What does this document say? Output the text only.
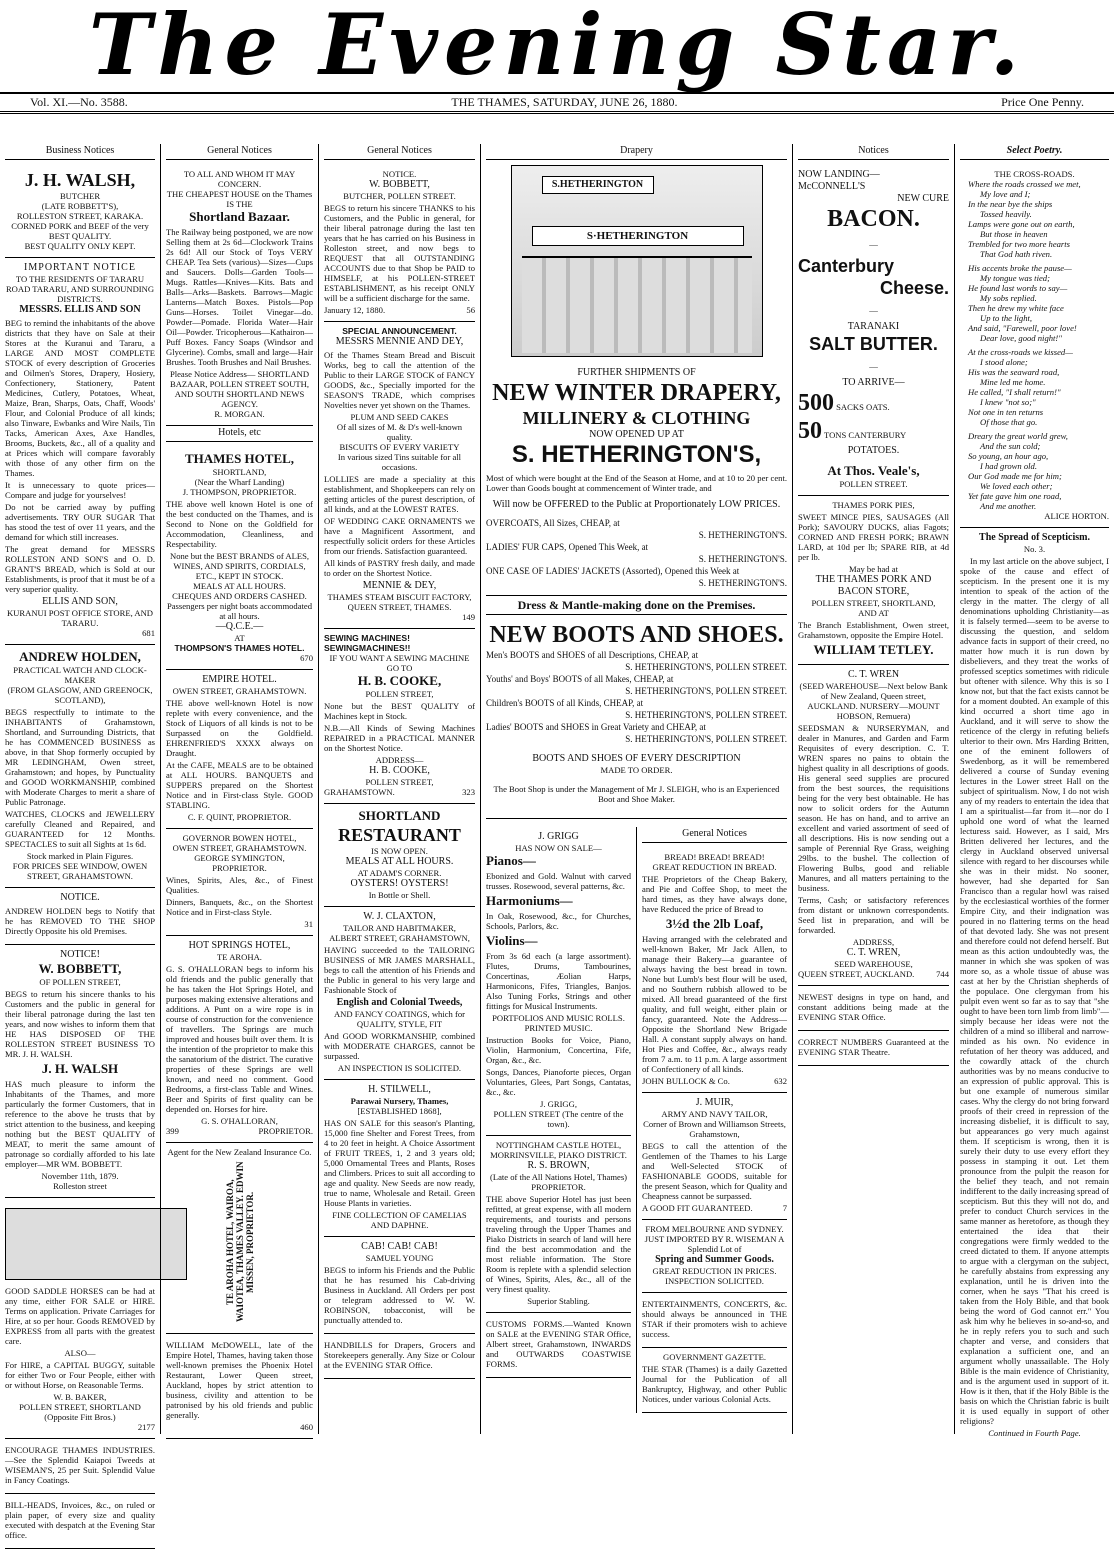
The Evening Star.
Vol. XI.—No. 3588.	THE THAMES, SATURDAY, JUNE 26, 1880.	Price One Penny.
Business Notices
J. H. WALSH,
BUTCHER
(LATE ROBBETT'S),
ROLLESTON STREET, KARAKA.
CORNED PORK and BEEF of the very BEST QUALITY.
BEST QUALITY ONLY KEPT.
IMPORTANT NOTICE
TO THE RESIDENTS OF TARARU ROAD TARARU, AND SURROUNDING DISTRICTS.
MESSRS. ELLIS AND SON

BEG to remind the inhabitants of the above districts that they have on Sale at their Stores at the Kuranui and Tararu, a LARGE AND MOST COMPLETE STOCK of every description of Groceries and Oilmen's Stores, Drapery, Hosiery, Confectionery, Stationery, Patent Medicines, Cutlery, Potatoes, Wheat, Maize, Bran, Sharps, Oats, Chaff, Woods' Flour, and Colonial Produce of all kinds; also Tinware, Ewbanks and Wire Nails, Tin Tacks, American Axes, Axe Handles, Brooms, Buckets, &c., all of a quality and at Prices which will compare favorably with those of any other firm on the Thames.

It is unnecessary to quote prices—Compare and judge for yourselves!

Do not be carried away by puffing advertisements. TRY OUR SUGAR That has stood the test of over 11 years, and the demand for which still increases.

The great demand for MESSRS ROLLESTON AND SON'S and O. D. GRANT'S BREAD, which is Sold at our Establishments, is proof that it must be of a very superior quality.

ELLIS AND SON,
KURANUI POST OFFICE STORE, AND TARARU.
681
ANDREW HOLDEN,
PRACTICAL WATCH AND CLOCK-MAKER
(FROM GLASGOW, AND GREENOCK, SCOTLAND),

BEGS respectfully to intimate to the INHABITANTS of Grahamstown, Shortland, and Surrounding Districts, that he has COMMENCED BUSINESS as above, in that Shop formerly occupied by MR LEDINGHAM, Owen street, Grahamstown; and hopes, by Punctuality and GOOD WORKMANSHIP, combined with Moderate Charges to merit a share of Public Patronage.

WATCHES, CLOCKS and JEWELLERY carefully Cleaned and Repaired, and GUARANTEED for 12 Months. SPECTACLES to suit all Sights at 1s 6d.

Stock marked in Plain Figures.
FOR PRICES SEE WINDOW, OWEN STREET, GRAHAMSTOWN.
NOTICE.

ANDREW HOLDEN begs to Notify that he has REMOVED TO THE SHOP Directly Opposite his old Premises.

NOTICE!
W. BOBBETT,
OF POLLEN STREET,

BEGS to return his sincere thanks to his Customers and the public in general for their liberal patronage during the last ten years, and now wishes to inform them that HE HAS DISPOSED OF THE ROLLESTON STREET BUSINESS TO MR. J. H. WALSH.

J. H. WALSH

HAS much pleasure to inform the Inhabitants of the Thames, and more particularly the former Customers, that in reference to the above he trusts that by strict attention to the business, and keeping nothing but the BEST QUALITY of MEAT, to merit the same amount of patronage so cordially afforded to his late employer—MR WM. BOBBETT.

November 11th, 1879.
Rolleston street

GOOD SADDLE HORSES can be had at any time, either FOR SALE or HIRE. Terms on application. Private Carriages for Hire, at so per hour. Goods REMOVED by EXPRESS from all parts with the greatest care.

ALSO—

For HIRE, a CAPITAL BUGGY, suitable for either Two or Four People, either with or without Horse, on Reasonable Terms.

W. B. BAKER,
POLLEN STREET, SHORTLAND
(Opposite Fitt Bros.)
2177

ENCOURAGE THAMES INDUSTRIES.—See the Splendid Kaiapoi Tweeds at WISEMAN'S, 25 per Suit. Splendid Value in Fancy Coatings.

BILL-HEADS, Invoices, &c., on ruled or plain paper, of every size and quality executed with despatch at the Evening Star office.

General Notices
TO ALL AND WHOM IT MAY CONCERN.
THE CHEAPEST HOUSE on the Thames IS THE
Shortland Bazaar.

The Railway being postponed, we are now Selling them at 2s 6d—Clockwork Trains 2s 6d! All our Stock of Toys VERY CHEAP. Tea Sets (various)—Sizes—Cups and Saucers. Dolls—Garden Tools—Mugs. Rattles—Knives—Kits. Bats and Balls—Arks—Baskets. Barrows—Magic Lanterns—Match Boxes. Pistols—Pop Guns—Horses. Toilet Vinegar—do. Powder—Pomade. Florida Water—Hair Oil—Powder. Tricopherous—Kathairon—Puff Boxes. Fancy Soaps (Windsor and Glycerine). Combs, small and large—Hair Brushes. Tooth Brushes and Nail Brushes.

Please Notice Address— SHORTLAND BAZAAR, POLLEN STREET SOUTH, AND SOUTH SHORTLAND NEWS AGENCY.
R. MORGAN.
Hotels, etc
THAMES HOTEL,
SHORTLAND,
(Near the Wharf Landing)
J. THOMPSON, PROPRIETOR.

THE above well known Hotel is one of the best conducted on the Thames, and is Second to None on the Goldfield for Accommodation, Cleanliness, and Respectability.

None but the BEST BRANDS of ALES, WINES, AND SPIRITS, CORDIALS, ETC., KEPT IN STOCK.
MEALS AT ALL HOURS.
CHEQUES AND ORDERS CASHED.
Passengers per night boats accommodated at all hours.
—Q.C.E.—
AT
THOMPSON'S THAMES HOTEL.
670
EMPIRE HOTEL.
OWEN STREET, GRAHAMSTOWN.

THE above well-known Hotel is now replete with every convenience, and the Stock of Liquors of all kinds is not to be Surpassed on the Goldfield. EHRENFRIED'S XXXX always on Draught.

At the CAFE, MEALS are to be obtained at ALL HOURS. BANQUETS and SUPPERS prepared on the Shortest Notice and in First-class Style. GOOD STABLING.

C. F. QUINT, PROPRIETOR.
GOVERNOR BOWEN HOTEL,
OWEN STREET, GRAHAMSTOWN.
GEORGE SYMINGTON, PROPRIETOR.

Wines, Spirits, Ales, &c., of Finest Qualities.

Dinners, Banquets, &c., on the Shortest Notice and in First-class Style.

31
HOT SPRINGS HOTEL,
TE AROHA.

G. S. O'HALLORAN begs to inform his old friends and the public generally that he has taken the Hot Springs Hotel, and purposes making extensive alterations and additions. A Punt on a wire rope is in course of construction for the convenience of travellers. The Springs are much improved and houses built over them. It is the intention of the proprietor to make this the sanatorium of the district. The curative properties of these Springs are well known, and need no comment. Good Bedrooms, a first-class Table and Wines. Beer and Spirits of first quality can be depended on. Horses for hire.

G. S. O'HALLORAN,
399	PROPRIETOR.
Agent for the New Zealand Insurance Co.
TE AROHA HOTEL, WAIROA, WAIOTEA, THAMES VALLEY. EDWIN MISSEN, PROPRIETOR.

WILLIAM McDOWELL, late of the Empire Hotel, Thames, having taken those well-known premises the Phoenix Hotel Restaurant, Lower Queen street, Auckland, hopes by strict attention to business, civility and attention to be patronised by his old friends and public generally.

460
General Notices
NOTICE.
W. BOBBETT,
BUTCHER, POLLEN STREET.

BEGS to return his sincere THANKS to his Customers, and the Public in general, for their liberal patronage during the last ten years that he has carried on his Business in Rolleston street, and now begs to REQUEST that all OUTSTANDING ACCOUNTS due to that Shop be PAID to HIMSELF, at his POLLEN-STREET ESTABLISHMENT, as his receipt ONLY will be a sufficient discharge for the same.

January 12, 1880.	56
SPECIAL ANNOUNCEMENT.
MESSRS MENNIE AND DEY,

Of the Thames Steam Bread and Biscuit Works, beg to call the attention of the Public to their LARGE STOCK of FANCY GOODS, &c., Specially imported for the SEASON'S TRADE, which comprises Novelties never yet shown on the Thames.

PLUM AND SEED CAKES
Of all sizes of M. & D's well-known quality.
BISCUITS OF EVERY VARIETY
In various sized Tins suitable for all occasions.

LOLLIES are made a speciality at this establishment, and Shopkeepers can rely on getting articles of the purest description, of all kinds, and at the LOWEST RATES.

OF WEDDING CAKE ORNAMENTS we have a Magnificent Assortment, and respectfully solicit orders for these Articles from our friends. Satisfaction guaranteed.

All kinds of PASTRY fresh daily, and made to order on the Shortest Notice.

MENNIE & DEY,
THAMES STEAM BISCUIT FACTORY, QUEEN STREET, THAMES.
149
SEWING MACHINES! SEWINGMACHINES!!
IF YOU WANT A SEWING MACHINE GO TO
H. B. COOKE,
POLLEN STREET,

None but the BEST QUALITY of Machines kept in Stock.

N.B.—All Kinds of Sewing Machines REPAIRED in a PRACTICAL MANNER on the Shortest Notice.

ADDRESS—
H. B. COOKE,
POLLEN STREET,
GRAHAMSTOWN.	323
SHORTLAND
RESTAURANT
IS NOW OPEN.
MEALS AT ALL HOURS.
AT ADAM'S CORNER.
OYSTERS! OYSTERS!
In Bottle or Shell.
W. J. CLAXTON,
TAILOR AND HABITMAKER,
ALBERT STREET, GRAHAMSTOWN,

HAVING succeeded to the TAILORING BUSINESS of MR JAMES MARSHALL, begs to call the attention of his Friends and the Public in general to his very large and Fashionable Stock of

English and Colonial Tweeds,
AND FANCY COATINGS, which for QUALITY, STYLE, FIT

And GOOD WORKMANSHIP, combined with MODERATE CHARGES, cannot be surpassed.

AN INSPECTION IS SOLICITED.
H. STILWELL,
Parawai Nursery, Thames,
[ESTABLISHED 1868],

HAS ON SALE for this season's Planting, 15,000 fine Shelter and Forest Trees, from 4 to 20 feet in height. A Choice Assortment of FRUIT TREES, 1, 2 and 3 years old; 5,000 Ornamental Trees and Plants, Roses and Climbers. Prices to suit all according to age and quality. New Seeds are now ready, true to name, Wholesale and Retail. Green House Plants in varieties.

FINE COLLECTION OF CAMELIAS AND DAPHNE.
CAB! CAB! CAB!
SAMUEL YOUNG

BEGS to inform his Friends and the Public that he has resumed his Cab-driving Business in Auckland. All Orders per post or telegram addressed to W. W. ROBINSON, tobacconist, will be punctually attended to.

HANDBILLS for Drapers, Grocers and Storekeepers generally. Any Size or Colour at the EVENING STAR Office.

Drapery
S.HETHERINGTON
S·HETHERINGTON
FURTHER SHIPMENTS OF
NEW WINTER DRAPERY,
MILLINERY & CLOTHING
NOW OPENED UP AT
S. HETHERINGTON'S,

Most of which were bought at the End of the Season at Home, and at 10 to 20 per cent. Lower than Goods bought at commencement of Winter trade, and

Will now be OFFERED to the Public at Proportionately LOW PRICES.
OVERCOATS, All Sizes, CHEAP, at
S. HETHERINGTON'S.
LADIES' FUR CAPS, Opened This Week, at
S. HETHERINGTON'S.
ONE CASE OF LADIES' JACKETS (Assorted), Opened this Week at
S. HETHERINGTON'S.
Dress & Mantle-making done on the Premises.
NEW BOOTS AND SHOES.
Men's BOOTS and SHOES of all Descriptions, CHEAP, at
S. HETHERINGTON'S, POLLEN STREET.
Youths' and Boys' BOOTS of all Makes, CHEAP, at
S. HETHERINGTON'S, POLLEN STREET.
Children's BOOTS of all Kinds, CHEAP, at
S. HETHERINGTON'S, POLLEN STREET.
Ladies' BOOTS and SHOES in Great Variety and CHEAP, at
S. HETHERINGTON'S, POLLEN STREET.
BOOTS AND SHOES OF EVERY DESCRIPTION
MADE TO ORDER.

The Boot Shop is under the Management of Mr J. SLEIGH, who is an Experienced Boot and Shoe Maker.

J. GRIGG
HAS NOW ON SALE—
Pianos—

Ebonized and Gold. Walnut with carved trusses. Rosewood, several patterns, &c.

Harmoniums—

In Oak, Rosewood, &c., for Churches, Schools, Parlors, &c.

Violins—

From 3s 6d each (a large assortment). Flutes, Drums, Tambourines, Concertinas, Æolian Harps, Harmonicons, Fifes, Triangles, Banjos. Also Tuning Forks, Strings and other fittings for Musical Instruments.

PORTFOLIOS AND MUSIC ROLLS.
PRINTED MUSIC.

Instruction Books for Voice, Piano, Violin, Harmonium, Concertina, Fife, Organ, &c., &c.

Songs, Dances, Pianoforte pieces, Organ Voluntaries, Glees, Part Songs, Cantatas, &c., &c.

J. GRIGG,
POLLEN STREET (The centre of the town).
NOTTINGHAM CASTLE HOTEL, MORRINSVILLE, PIAKO DISTRICT.
R. S. BROWN,
(Late of the All Nations Hotel, Thames) PROPRIETOR.

THE above Superior Hotel has just been refitted, at great expense, with all modern requirements, and tourists and persons traveling through the Upper Thames and Piako Districts in search of land will here find the best accommodation and the most reliable information. The Store Room is replete with a splendid selection of Wines, Spirits, Ales, &c., all of the very finest quality.

Superior Stabling.

CUSTOMS FORMS.—Wanted Known on SALE at the EVENING STAR Office, Albert street, Grahamstown, INWARDS and OUTWARDS COASTWISE FORMS.

General Notices
BREAD! BREAD! BREAD!
GREAT REDUCTION IN BREAD.

THE Proprietors of the Cheap Bakery, and Pie and Coffee Shop, to meet the hard times, as they have always done, have Reduced the price of Bread to

3½d the 2lb Loaf,

Having arranged with the celebrated and well-known Baker, Mr Jack Allen, to manage their Bakery—a guarantee of always having the best bread in town. None but Lumb's best flour will be used, and no Southern rubbish allowed to be mixed. All bread guaranteed of the first quality, and full weight, either plain or fancy, guaranteed. Note the Address—Opposite the Shortland New Brigade Hall. A constant supply always on hand. Hot Pies and Coffee, &c., always ready from 7 a.m. to 11 p.m. A large assortment of Confectionery of all kinds.

JOHN BULLOCK & Co.	632
J. MUIR,
ARMY AND NAVY TAILOR,
Corner of Brown and Williamson Streets, Grahamstown,

BEGS to call the attention of the Gentlemen of the Thames to his Large and Well-Selected STOCK of FASHIONABLE GOODS, suitable for the present Season, which for Quality and Cheapness cannot be surpassed.

A GOOD FIT GUARANTEED.	7
FROM MELBOURNE AND SYDNEY.
JUST IMPORTED BY R. WISEMAN A Splendid Lot of
Spring and Summer Goods.
GREAT REDUCTION IN PRICES. INSPECTION SOLICITED.

ENTERTAINMENTS, CONCERTS, &c. should always be announced in THE STAR if their promoters wish to achieve success.

GOVERNMENT GAZETTE.

THE STAR (Thames) is a daily Gazetted Journal for the Publication of all Bankruptcy, Highway, and other Public Notices, under various Colonial Acts.

Notices
NOW LANDING—
McCONNELL'S
NEW CURE
BACON.
—
Canterbury
Cheese.
—
TARANAKI
SALT BUTTER.
—
TO ARRIVE—
500 SACKS OATS.
50 TONS CANTERBURY
POTATOES.
At Thos. Veale's,
POLLEN STREET.
THAMES PORK PIES,

SWEET MINCE PIES, SAUSAGES (All Pork); SAVOURY DUCKS, alias Fagots; CORNED AND FRESH PORK; BRAWN LARD, at 10d per lb; SPARE RIB, at 4d per lb.

May be had at
THE THAMES PORK AND BACON STORE,
POLLEN STREET, SHORTLAND,
AND AT

The Branch Establishment, Owen street, Grahamstown, opposite the Empire Hotel.

WILLIAM TETLEY.
C. T. WREN
(SEED WAREHOUSE—Next below Bank of New Zealand, Queen street, AUCKLAND. NURSERY—MOUNT HOBSON, Remuera)

SEEDSMAN & NURSERYMAN, and dealer in Manures, and Garden and Farm Requisites of every description. C. T. WREN spares no pains to obtain the highest quality in all descriptions of goods. His general seed supplies are procured from the best sources, the requisitions being for the very best obtainable. He has now to solicit orders for the Autumn season. He has on hand, and to arrive an excellent and varied assortment of seed of all descriptions. His is now sending out a sample of Perennial Rye Grass, weighing 29lbs. to the bushel. The collection of Flowering Bulbs, good and reliable Manures, and all matters pertaining to the business.

Terms, Cash; or satisfactory references from distant or unknown correspondents. Seed list in preparation, and will be forwarded.

ADDRESS,
C. T. WREN,
SEED WAREHOUSE,
QUEEN STREET, AUCKLAND.	744

NEWEST designs in type on hand, and constant additions being made at the EVENING STAR Office.

CORRECT NUMBERS Guaranteed at the EVENING STAR Theatre.

Select Poetry.
THE CROSS-ROADS.
Where the roads crossed we met,
My love and I;
In the near bye the ships
Tossed heavily.
Lamps were gone out on earth,
But those in heaven
Trembled for two more hearts
That God hath riven.
His accents broke the pause—
My tongue was tied;
He found last words to say—
My sobs replied.
Then he drew my white face
Up to the light,
And said, "Farewell, poor love!
Dear love, good night!"
At the cross-roads we kissed—
I stood alone;
His was the seaward road,
Mine led me home.
He called, "I shall return!"
I knew "not so;"
Not one in ten returns
Of those that go.
Dreary the great world grew,
And the sun cold;
So young, an hour ago,
I had grown old.
Our God made me for him;
We loved each other;
Yet fate gave him one road,
And me another.
ALICE HORTON.
The Spread of Scepticism.
No. 3.

In my last article on the above subject, I spoke of the cause and effect of scepticism. In the present one it is my intention to speak of the action of the clergy in the matter. The clergy of all denominations upholding Christianity—as it is falsely termed—seem to be averse to discussing the question, and seldom advance facts in support of their creed, no matter how much it is run down by disbelievers, and they treat the works of professed sceptics sometimes with ridicule but oftener with silence. Why this is so I know not, but that the fact exists cannot be for a moment doubted. An example of this kind occurred a short time ago in Auckland, and it will serve to show the reticence of the clergy in refuting beliefs ulterior to their own. Mrs Harding Britten, one of the eminent followers of Swedenborg, as it will be remembered delivered a course of Sunday evening lectures in the Lower street Hall on the subject of spiritualism. Now, I do not wish any of my readers to entertain the idea that I am a spiritualist—far from it—nor do I uphold one word of what the learned lecturess said. However, as I said, Mrs Britten delivered her lectures, and the clergy in Auckland observed universal silence with regard to her discourses while she was in their midst. No sooner, however, had she departed for San Francisco than a regular howl was raised by the ecclesiastical worthies of the former Empire City, and their indignation was poured in no flattering terms on the head of that devoted lady. She was not present and therefore could not defend herself. But mean as this action undoubtedly was, the manner in which she was spoken of was more so, as a whole tissue of abuse was cast at her by the Christian shepherds of the populace. One clergyman from his pulpit even went so far as to say that "she ought to have been torn limb from limb"—simply because her ideas were not the children of a mind so illiberal and narrow-minded as his own. No evidence in refutation of her theory was adduced, and the cowardly attack of the church authorities was by no means conducive to an expression of public approval. This is but one example of numerous similar cases. Why the clergy do not bring forward proofs of their creed in repression of the increasing disbelief, it is difficult to say, but appearances go very much against them. If scepticism is wrong, then it is surely their duty to use every effort they possess in stamping it out. Let them pronounce from the pulpit the reason for the belief they teach, and not remain indifferent to the daily increasing spread of scepticism. But this they will not do, and prefer to conduct Church services in the same manner as heretofore, as though they entertained the idea that their congregations were firmly wedded to the creed dictated to them. If anyone attempts to argue with a clergyman on the subject, he carefully abstains from expressing any explanation, until he is driven into the corner, when he says "That his creed is taken from the Holy Bible, and that book being the word of God cannot err." You ask him why he believes in so-and-so, and he in reply refers you to such and such chapter and verse, and considers that explanation a sufficient one, and an argument wholly unassailable. The Holy Bible is the main evidence of Christianity, and is the argument used in support of it. How is it then, that if the Holy Bible is the basis on which the Christian fabric is built it is used equally in support of other religions?

Continued in Fourth Page.
